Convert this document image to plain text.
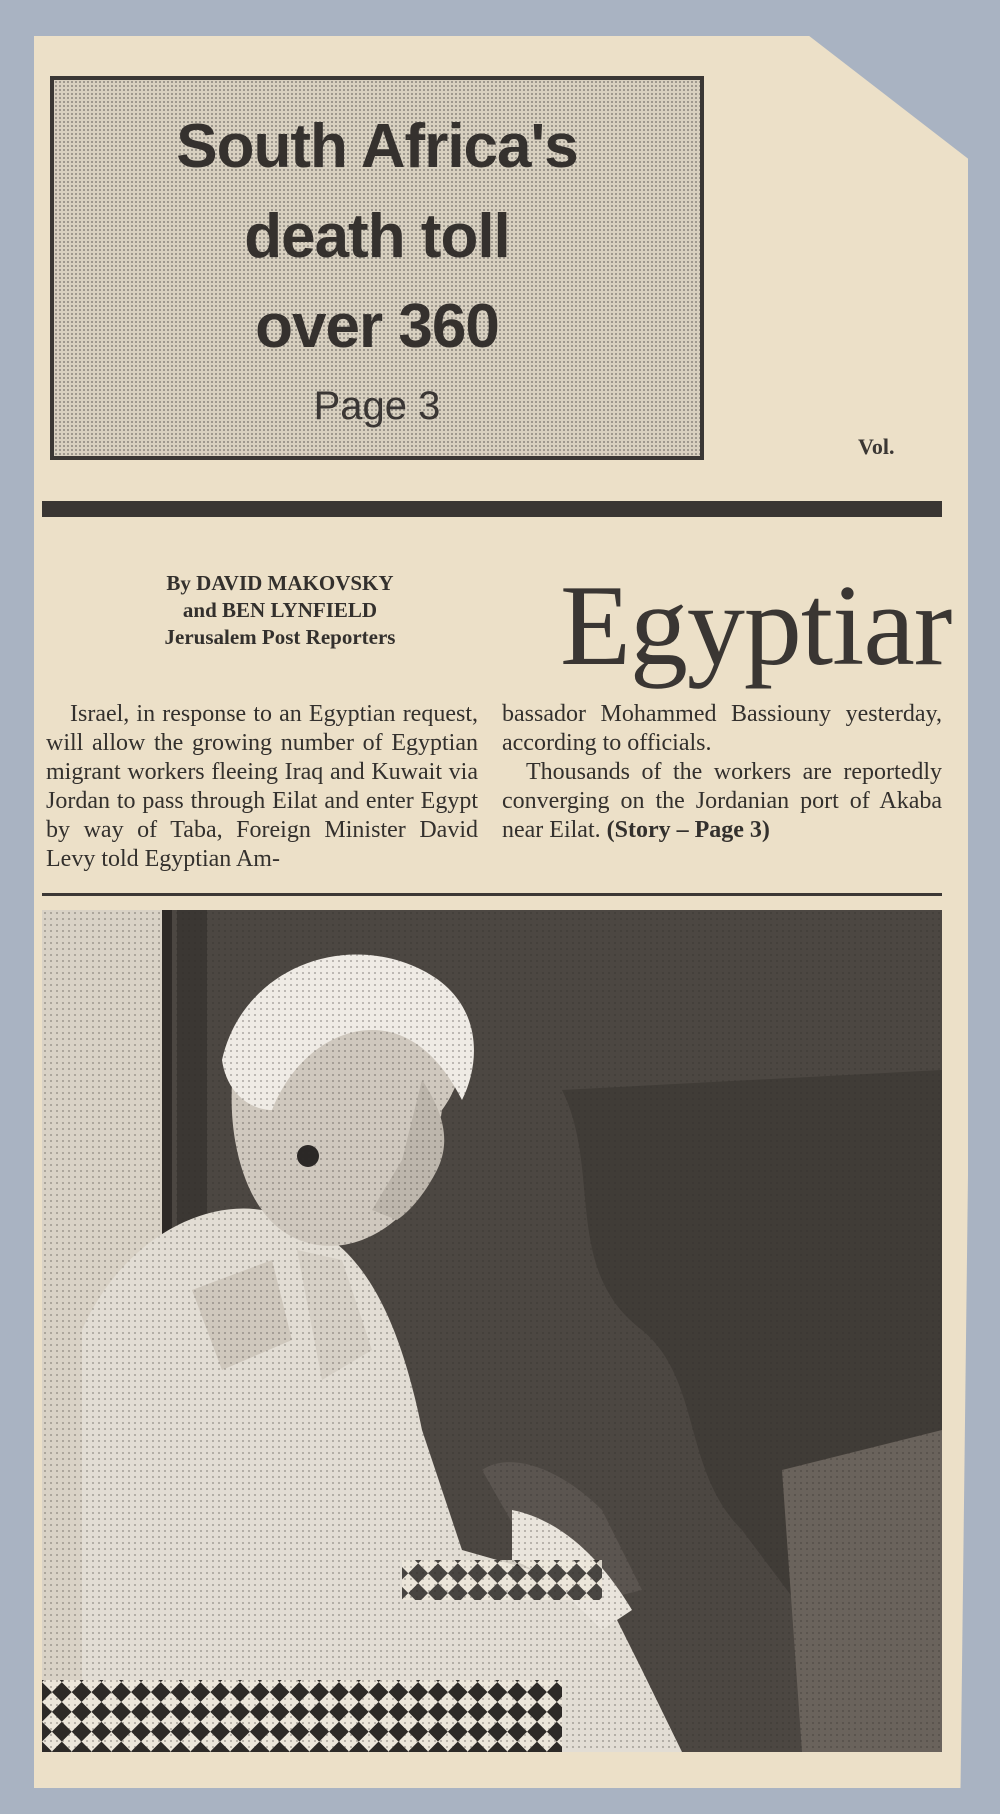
South Africa's
death toll
over 360
Page 3
Vol.
By DAVID MAKOVSKY
and BEN LYNFIELD
Jerusalem Post Reporters	Egyptiar

Israel, in response to an Egyptian request, will allow the growing number of Egyptian migrant workers fleeing Iraq and Kuwait via Jordan to pass through Eilat and enter Egypt by way of Taba, Foreign Minister David Levy told Egyptian Am-

bassador Mohammed Bassiouny yesterday, according to officials.

Thousands of the workers are reportedly converging on the Jordanian port of Akaba near Eilat. (Story – Page 3)
